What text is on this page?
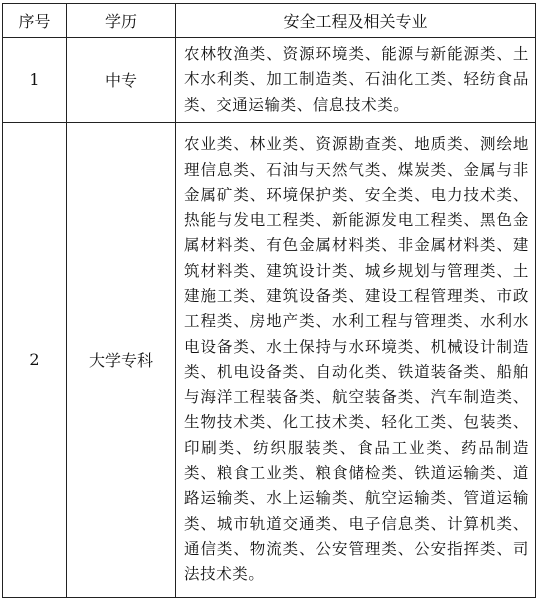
序号	学历	安全工程及相关专业
1	中专	农林牧渔类、资源环境类、能源与新能源类、土木水利类、加工制造类、石油化工类、轻纺食品类、交通运输类、信息技术类。
2	大学专科	农业类、林业类、资源勘查类、地质类、测绘地理信息类、石油与天然气类、煤炭类、金属与非金属矿类、环境保护类、安全类、电力技术类、热能与发电工程类、新能源发电工程类、黑色金属材料类、有色金属材料类、非金属材料类、建筑材料类、建筑设计类、城乡规划与管理类、土建施工类、建筑设备类、建设工程管理类、市政工程类、房地产类、水利工程与管理类、水利水电设备类、水土保持与水环境类、机械设计制造类、机电设备类、自动化类、铁道装备类、船舶与海洋工程装备类、航空装备类、汽车制造类、生物技术类、化工技术类、轻化工类、包装类、印刷类、纺织服装类、食品工业类、药品制造类、粮食工业类、粮食储检类、铁道运输类、道路运输类、水上运输类、航空运输类、管道运输类、城市轨道交通类、电子信息类、计算机类、通信类、物流类、公安管理类、公安指挥类、司法技术类。
